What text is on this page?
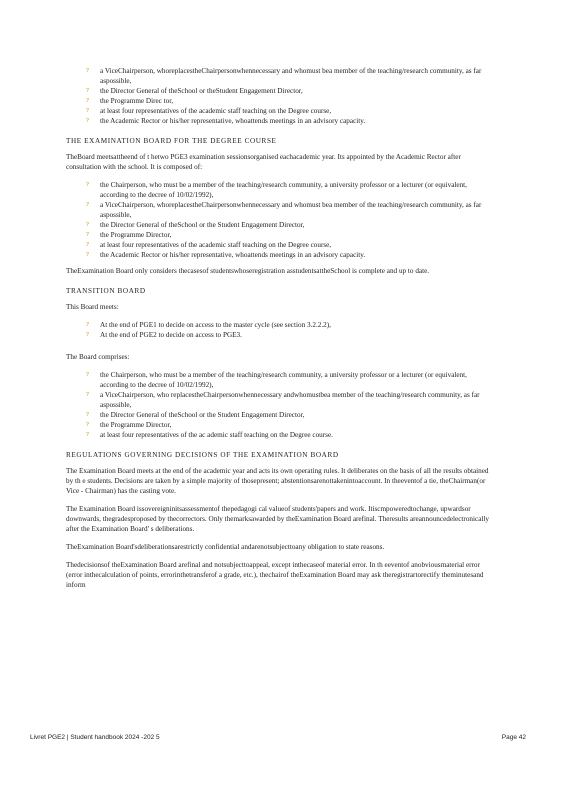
? a ViceChairperson, whoreplacestheChairpersonwhennecessary and whomust bea member of the teaching/research community, as far aspossible,
? the Director General of theSchool or theStudent Engagement Director,
? the Programme Direc tor,
? at least four representatives of the academic staff teaching on the Degree course,
? the Academic Rector or his/her representative, whoattends meetings in an advisory capacity.
THE EXAMINATION BOARD FOR THE DEGREE COURSE

TheBoard meetsattheend of t hetwo PGE3 examination sessionsorganised eachacademic year. Its appointed by the Academic Rector after consultation with the school. It is composed of:

? the Chairperson, who must be a member of the teaching/research community, a university professor or a lecturer (or equivalent, according to the decree of 10/02/1992),
? a ViceChairperson, whoreplacestheChairpersonwhennecessary and whomust bea member of the teaching/research community, as far aspossible,
? the Director General of theSchool or the Student Engagement Director,
? the Programme Director,
? at least four representatives of the academic staff teaching on the Degree course,
? the Academic Rector or his/her representative, whoattends meetings in an advisory capacity.

TheExamination Board only considers thecasesof studentswhoseregistration asstudentsattheSchool is complete and up to date.

TRANSITION BOARD

This Board meets:

? At the end of PGE1 to decide on access to the master cycle (see section 3.2.2.2),
? At the end of PGE2 to decide on access to PGE3.

The Board comprises:

? the Chairperson, who must be a member of the teaching/research community, a university professor or a lecturer (or equivalent, according to the decree of 10/02/1992),
? a ViceChairperson, who replacestheChairpersonwhennecessary andwhomustbea member of the teaching/research community, as far aspossible,
? the Director General of theSchool or the Student Engagement Director,
? the Programme Director,
? at least four representatives of the ac ademic staff teaching on the Degree course.
REGULATIONS GOVERNING DECISIONS OF THE EXAMINATION BOARD

The Examination Board meets at the end of the academic year and acts its own operating rules. It deliberates on the basis of all the results obtained by th e students. Decisions are taken by a simple majority of thosepresent; abstentionsarenottakenintoaccount. In theeventof a tie, theChairman(or Vice - Chairman) has the casting vote.

The Examination Board issovereigninitsassessmentof thepedagogi cal valueof students'papers and work. Itiscmpoweredtochange, upwardsor downwards, thegradesproposed by thecorrectors. Only themarksawarded by theExamination Board arefinal. Theresults areannouncedelectronically after the Examination Board' s deliberations.

TheExamination Board'sdeliberationsarestrictly confidential andarenotsubjecttoany obligation to state reasons.

Thedecisionsof theExamination Board arefinal and notsubjecttoappeal, except inthecaseof material error. In th eeventof anobviousmaterial error (error inthecalculation of points, errorinthetransferof a grade, etc.), thechairof theExamination Board may ask theregistrartorectify theminutesand inform

Livret PGE2 | Student handbook 2024 -202 5	Page 42
